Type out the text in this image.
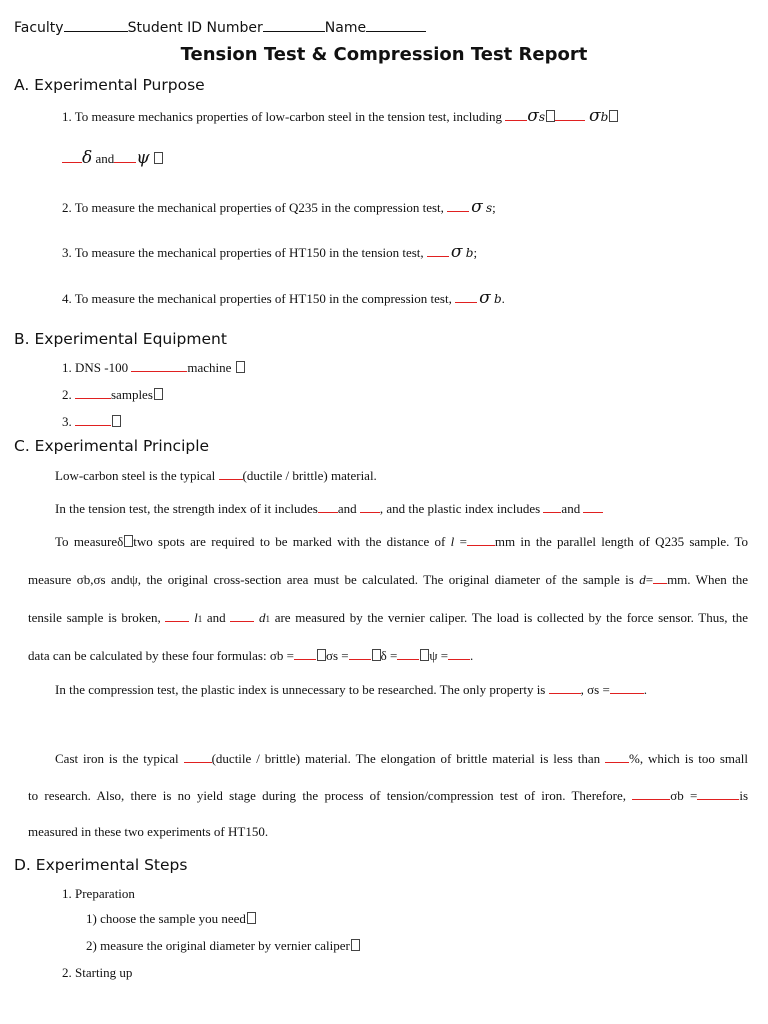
Faculty	Student ID Number	Name
Tension Test & Compression Test Report
A. Experimental Purpose
1. To measure mechanics properties of low-carbon steel in the tension test, including σs	σb
δ and ψ
2. To measure the mechanical properties of Q235 in the compression test, σ s;
3. To measure the mechanical properties of HT150 in the tension test, σ b;
4. To measure the mechanical properties of HT150 in the compression test, σ b.
B. Experimental Equipment
1. DNS -100	machine
2.	samples
3.
C. Experimental Principle
Low-carbon steel is the typical (ductile / brittle) material.
In the tension test, the strength index of it includes and , and the plastic index includes and
To measureδ two spots are required to be marked with the distance of l = mm in the parallel length of Q235 sample. To
measure σb,σs andψ, the original cross-section area must be calculated. The original diameter of the sample is d= mm. When the
tensile sample is broken,	l1 and	d1 are measured by the vernier caliper. The load is collected by the force sensor. Thus, the
data can be calculated by these four formulas: σb = σs = δ = ψ = .
In the compression test, the plastic index is unnecessary to be researched. The only property is	, σs =	.
Cast iron is the typical	(ductile / brittle) material. The elongation of brittle material is less than %, which is too small
to research. Also, there is no yield stage during the process of tension/compression test of iron. Therefore,	σb =	is
measured in these two experiments of HT150.
D. Experimental Steps
1. Preparation
1) choose the sample you need
2) measure the original diameter by vernier caliper
2. Starting up
